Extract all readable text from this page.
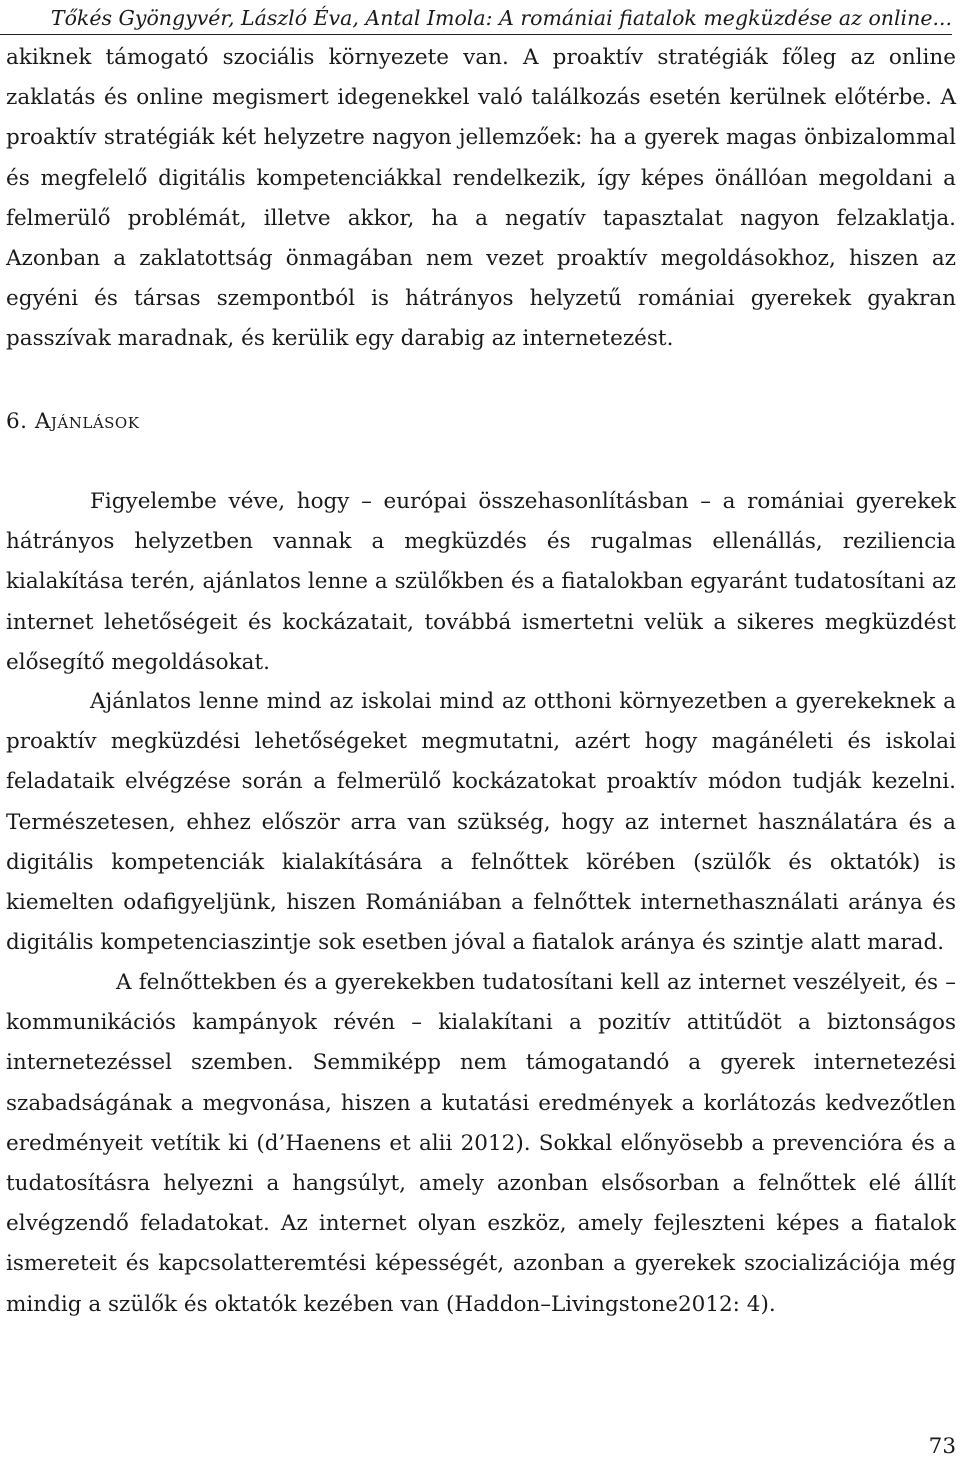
Tőkés Gyöngyvér, László Éva, Antal Imola: A romániai fiatalok megküzdése az online...

akiknek támogató szociális környezete van. A proaktív stratégiák főleg az online zaklatás és online megismert idegenekkel való találkozás esetén kerülnek előtérbe. A proaktív stratégiák két helyzetre nagyon jellemzőek: ha a gyerek magas önbizalommal és megfelelő digitális kompetenciákkal rendelkezik, így képes önállóan megoldani a felmerülő problémát, illetve akkor, ha a negatív tapasztalat nagyon felzaklatja. Azonban a zaklatottság önmagában nem vezet proaktív megoldásokhoz, hiszen az egyéni és társas szempontból is hátrányos helyzetű romániai gyerekek gyakran passzívak maradnak, és kerülik egy darabig az internetezést.

6. Ajánlások

Figyelembe véve, hogy – európai összehasonlításban – a romániai gyerekek hátrányos helyzetben vannak a megküzdés és rugalmas ellenállás, reziliencia kialakítása terén, ajánlatos lenne a szülőkben és a fiatalokban egyaránt tudatosítani az internet lehetőségeit és kockázatait, továbbá ismertetni velük a sikeres megküzdést elősegítő megoldásokat.

Ajánlatos lenne mind az iskolai mind az otthoni környezetben a gyerekeknek a proaktív megküzdési lehetőségeket megmutatni, azért hogy magánéleti és iskolai feladataik elvégzése során a felmerülő kockázatokat proaktív módon tudják kezelni. Természetesen, ehhez először arra van szükség, hogy az internet használatára és a digitális kompetenciák kialakítására a felnőttek körében (szülők és oktatók) is kiemelten odafigyeljünk, hiszen Romániában a felnőttek internethasználati aránya és digitális kompetenciaszintje sok esetben jóval a fiatalok aránya és szintje alatt marad.

A felnőttekben és a gyerekekben tudatosítani kell az internet veszélyeit, és – kommunikációs kampányok révén – kialakítani a pozitív attitűdöt a biztonságos internetezéssel szemben. Semmiképp nem támogatandó a gyerek internetezési szabadságának a megvonása, hiszen a kutatási eredmények a korlátozás kedvezőtlen eredményeit vetítik ki (d’Haenens et alii 2012). Sokkal előnyösebb a prevencióra és a tudatosításra helyezni a hangsúlyt, amely azonban elsősorban a felnőttek elé állít elvégzendő feladatokat. Az internet olyan eszköz, amely fejleszteni képes a fiatalok ismereteit és kapcsolatteremtési képességét, azonban a gyerekek szocializációja még mindig a szülők és oktatók kezében van (Haddon–Livingstone2012: 4).

73
